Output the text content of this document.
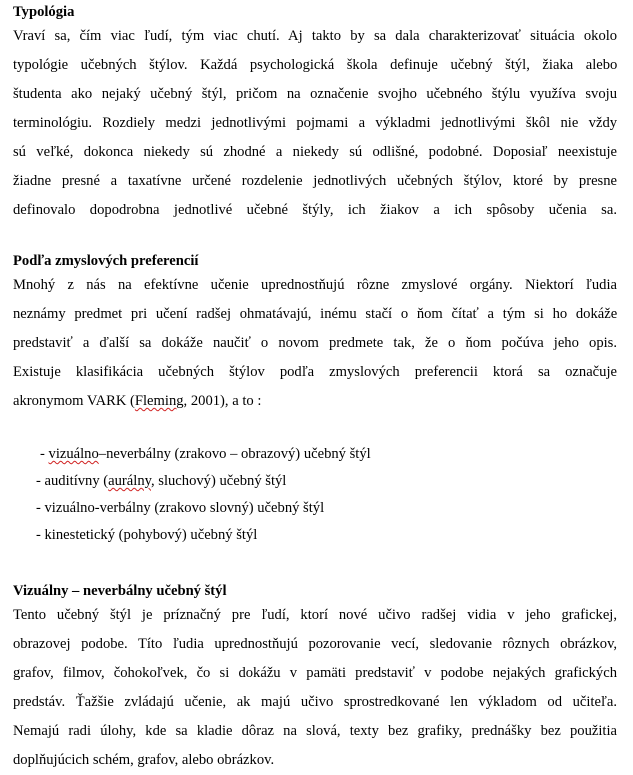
Typológia
Vraví sa, čím viac ľudí, tým viac chutí. Aj takto by sa dala charakterizovať situácia okolo
typológie učebných štýlov. Každá psychologická škola definuje učebný štýl, žiaka alebo
študenta ako nejaký učebný štýl, pričom na označenie svojho učebného štýlu využíva svoju
terminológiu. Rozdiely medzi jednotlivými pojmami a výkladmi jednotlivými škôl nie vždy
sú veľké, dokonca niekedy sú zhodné a niekedy sú odlišné, podobné. Doposiaľ neexistuje
žiadne presné a taxatívne určené rozdelenie jednotlivých učebných štýlov, ktoré by presne
definovalo dopodrobna jednotlivé učebné štýly, ich žiakov a ich spôsoby učenia sa.
Podľa zmyslových preferencií
Mnohý z nás na efektívne učenie uprednostňujú rôzne zmyslové orgány. Niektorí ľudia
neznámy predmet pri učení radšej ohmatávajú, inému stačí o ňom čítať a tým si ho dokáže
predstaviť a ďalší sa dokáže naučiť o novom predmete tak, že o ňom počúva jeho opis.
Existuje klasifikácia učebných štýlov podľa zmyslových preferencii ktorá sa označuje
akronymom VARK (Fleming, 2001), a to :
- vizuálno–neverbálny (zrakovo – obrazový) učebný štýl
- auditívny (aurálny, sluchový) učebný štýl
- vizuálno-verbálny (zrakovo slovný) učebný štýl
- kinestetický (pohybový) učebný štýl
Vizuálny – neverbálny učebný štýl
Tento učebný štýl je príznačný pre ľudí, ktorí nové učivo radšej vidia v jeho grafickej,
obrazovej podobe. Títo ľudia uprednostňujú pozorovanie vecí, sledovanie rôznych obrázkov,
grafov, filmov, čohokoľvek, čo si dokážu v pamäti predstaviť v podobe nejakých grafických
predstáv. Ťažšie zvládajú učenie, ak majú učivo sprostredkované len výkladom od učiteľa.
Nemajú radi úlohy, kde sa kladie dôraz na slová, texty bez grafiky, prednášky bez použitia
doplňujúcich schém, grafov, alebo obrázkov.
